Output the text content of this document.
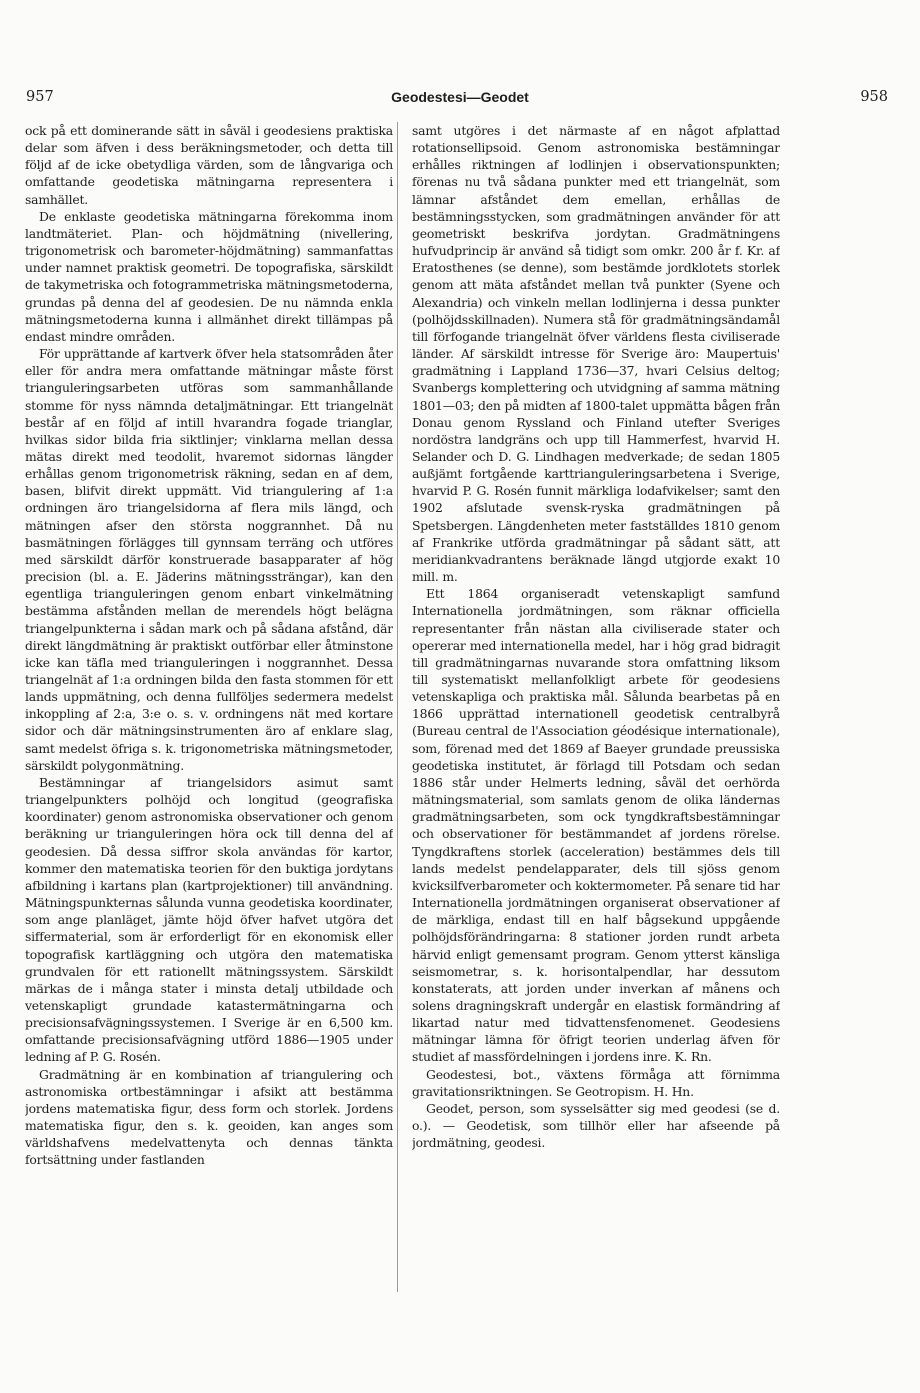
957	Geodestesi—Geodet	958

ock på ett dominerande sätt in såväl i geodesiens praktiska delar som äfven i dess beräkningsmetoder, och detta till följd af de icke obetydliga värden, som de långvariga och omfattande geodetiska mätningarna representera i samhället.

De enklaste geodetiska mätningarna förekomma inom landtmäteriet. Plan- och höjdmätning (nivellering, trigonometrisk och barometer-höjdmätning) sammanfattas under namnet praktisk geometri. De topografiska, särskildt de takymetriska och fotogrammetriska mätningsmetoderna, grundas på denna del af geodesien. De nu nämnda enkla mätningsmetoderna kunna i allmänhet direkt tillämpas på endast mindre områden.

För upprättande af kartverk öfver hela statsområden åter eller för andra mera omfattande mätningar måste först trianguleringsarbeten utföras som sammanhållande stomme för nyss nämnda detaljmätningar. Ett triangelnät består af en följd af intill hvarandra fogade trianglar, hvilkas sidor bilda fria siktlinjer; vinklarna mellan dessa mätas direkt med teodolit, hvaremot sidornas längder erhållas genom trigonometrisk räkning, sedan en af dem, basen, blifvit direkt uppmätt. Vid triangulering af 1:a ordningen äro triangelsidorna af flera mils längd, och mätningen afser den största noggrannhet. Då nu basmätningen förlägges till gynnsam terräng och utföres med särskildt därför konstruerade basapparater af hög precision (bl. a. E. Jäderins mätningssträngar), kan den egentliga trianguleringen genom enbart vinkelmätning bestämma afstånden mellan de merendels högt belägna triangelpunkterna i sådan mark och på sådana afstånd, där direkt längdmätning är praktiskt outförbar eller åtminstone icke kan täfla med trianguleringen i noggrannhet. Dessa triangelnät af 1:a ordningen bilda den fasta stommen för ett lands uppmätning, och denna fullföljes sedermera medelst inkoppling af 2:a, 3:e o. s. v. ordningens nät med kortare sidor och där mätningsinstrumenten äro af enklare slag, samt medelst öfriga s. k. trigonometriska mätningsmetoder, särskildt polygonmätning.

Bestämningar af triangelsidors asimut samt triangelpunkters polhöjd och longitud (geografiska koordinater) genom astronomiska observationer och genom beräkning ur trianguleringen höra ock till denna del af geodesien. Då dessa siffror skola användas för kartor, kommer den matematiska teorien för den buktiga jordytans afbildning i kartans plan (kartprojektioner) till användning. Mätningspunkternas sålunda vunna geodetiska koordinater, som ange planläget, jämte höjd öfver hafvet utgöra det siffermaterial, som är erforderligt för en ekonomisk eller topografisk kartläggning och utgöra den matematiska grundvalen för ett rationellt mätningssystem. Särskildt märkas de i många stater i minsta detalj utbildade och vetenskapligt grundade katastermätningarna och precisionsafvägningssystemen. I Sverige är en 6,500 km. omfattande precisionsafvägning utförd 1886—1905 under ledning af P. G. Rosén.

Gradmätning är en kombination af triangulering och astronomiska ortbestämningar i afsikt att bestämma jordens matematiska figur, dess form och storlek. Jordens matematiska figur, den s. k. geoiden, kan anges som världshafvens medelvattenyta och dennas tänkta fortsättning under fastlanden

samt utgöres i det närmaste af en något afplattad rotationsellipsoid. Genom astronomiska bestämningar erhålles riktningen af lodlinjen i observationspunkten; förenas nu två sådana punkter med ett triangelnät, som lämnar afståndet dem emellan, erhållas de bestämningsstycken, som gradmätningen använder för att geometriskt beskrifva jordytan. Gradmätningens hufvudprincip är använd så tidigt som omkr. 200 år f. Kr. af Eratosthenes (se denne), som bestämde jordklotets storlek genom att mäta afståndet mellan två punkter (Syene och Alexandria) och vinkeln mellan lodlinjerna i dessa punkter (polhöjdsskillnaden). Numera stå för gradmätningsändamål till förfogande triangelnät öfver världens flesta civiliserade länder. Af särskildt intresse för Sverige äro: Maupertuis' gradmätning i Lappland 1736—37, hvari Celsius deltog; Svanbergs komplettering och utvidgning af samma mätning 1801—03; den på midten af 1800-talet uppmätta bågen från Donau genom Ryssland och Finland utefter Sveriges nordöstra landgräns och upp till Hammerfest, hvarvid H. Selander och D. G. Lindhagen medverkade; de sedan 1805 außjämt fortgående karttrianguleringsarbetena i Sverige, hvarvid P. G. Rosén funnit märkliga lodafvikelser; samt den 1902 afslutade svensk-ryska gradmätningen på Spetsbergen. Längdenheten meter fastställdes 1810 genom af Frankrike utförda gradmätningar på sådant sätt, att meridiankvadrantens beräknade längd utgjorde exakt 10 mill. m.

Ett 1864 organiseradt vetenskapligt samfund Internationella jordmätningen, som räknar officiella representanter från nästan alla civiliserade stater och opererar med internationella medel, har i hög grad bidragit till gradmätningarnas nuvarande stora omfattning liksom till systematiskt mellanfolkligt arbete för geodesiens vetenskapliga och praktiska mål. Sålunda bearbetas på en 1866 upprättad internationell geodetisk centralbyrå (Bureau central de l'Association géodésique internationale), som, förenad med det 1869 af Baeyer grundade preussiska geodetiska institutet, är förlagd till Potsdam och sedan 1886 står under Helmerts ledning, såväl det oerhörda mätningsmaterial, som samlats genom de olika ländernas gradmätningsarbeten, som ock tyngdkraftsbestämningar och observationer för bestämmandet af jordens rörelse. Tyngdkraftens storlek (acceleration) bestämmes dels till lands medelst pendelapparater, dels till sjöss genom kvicksilfverbarometer och koktermometer. På senare tid har Internationella jordmätningen organiserat observationer af de märkliga, endast till en half bågsekund uppgående polhöjdsförändringarna: 8 stationer jorden rundt arbeta härvid enligt gemensamt program. Genom ytterst känsliga seismometrar, s. k. horisontalpendlar, har dessutom konstaterats, att jorden under inverkan af månens och solens dragningskraft undergår en elastisk formändring af likartad natur med tidvattensfenomenet. Geodesiens mätningar lämna för öfrigt teorien underlag äfven för studiet af massfördelningen i jordens inre. K. Rn.

Geodestesi, bot., växtens förmåga att förnimma gravitationsriktningen. Se Geotropism. H. Hn.

Geodet, person, som sysselsätter sig med geodesi (se d. o.). — Geodetisk, som tillhör eller har afseende på jordmätning, geodesi.
